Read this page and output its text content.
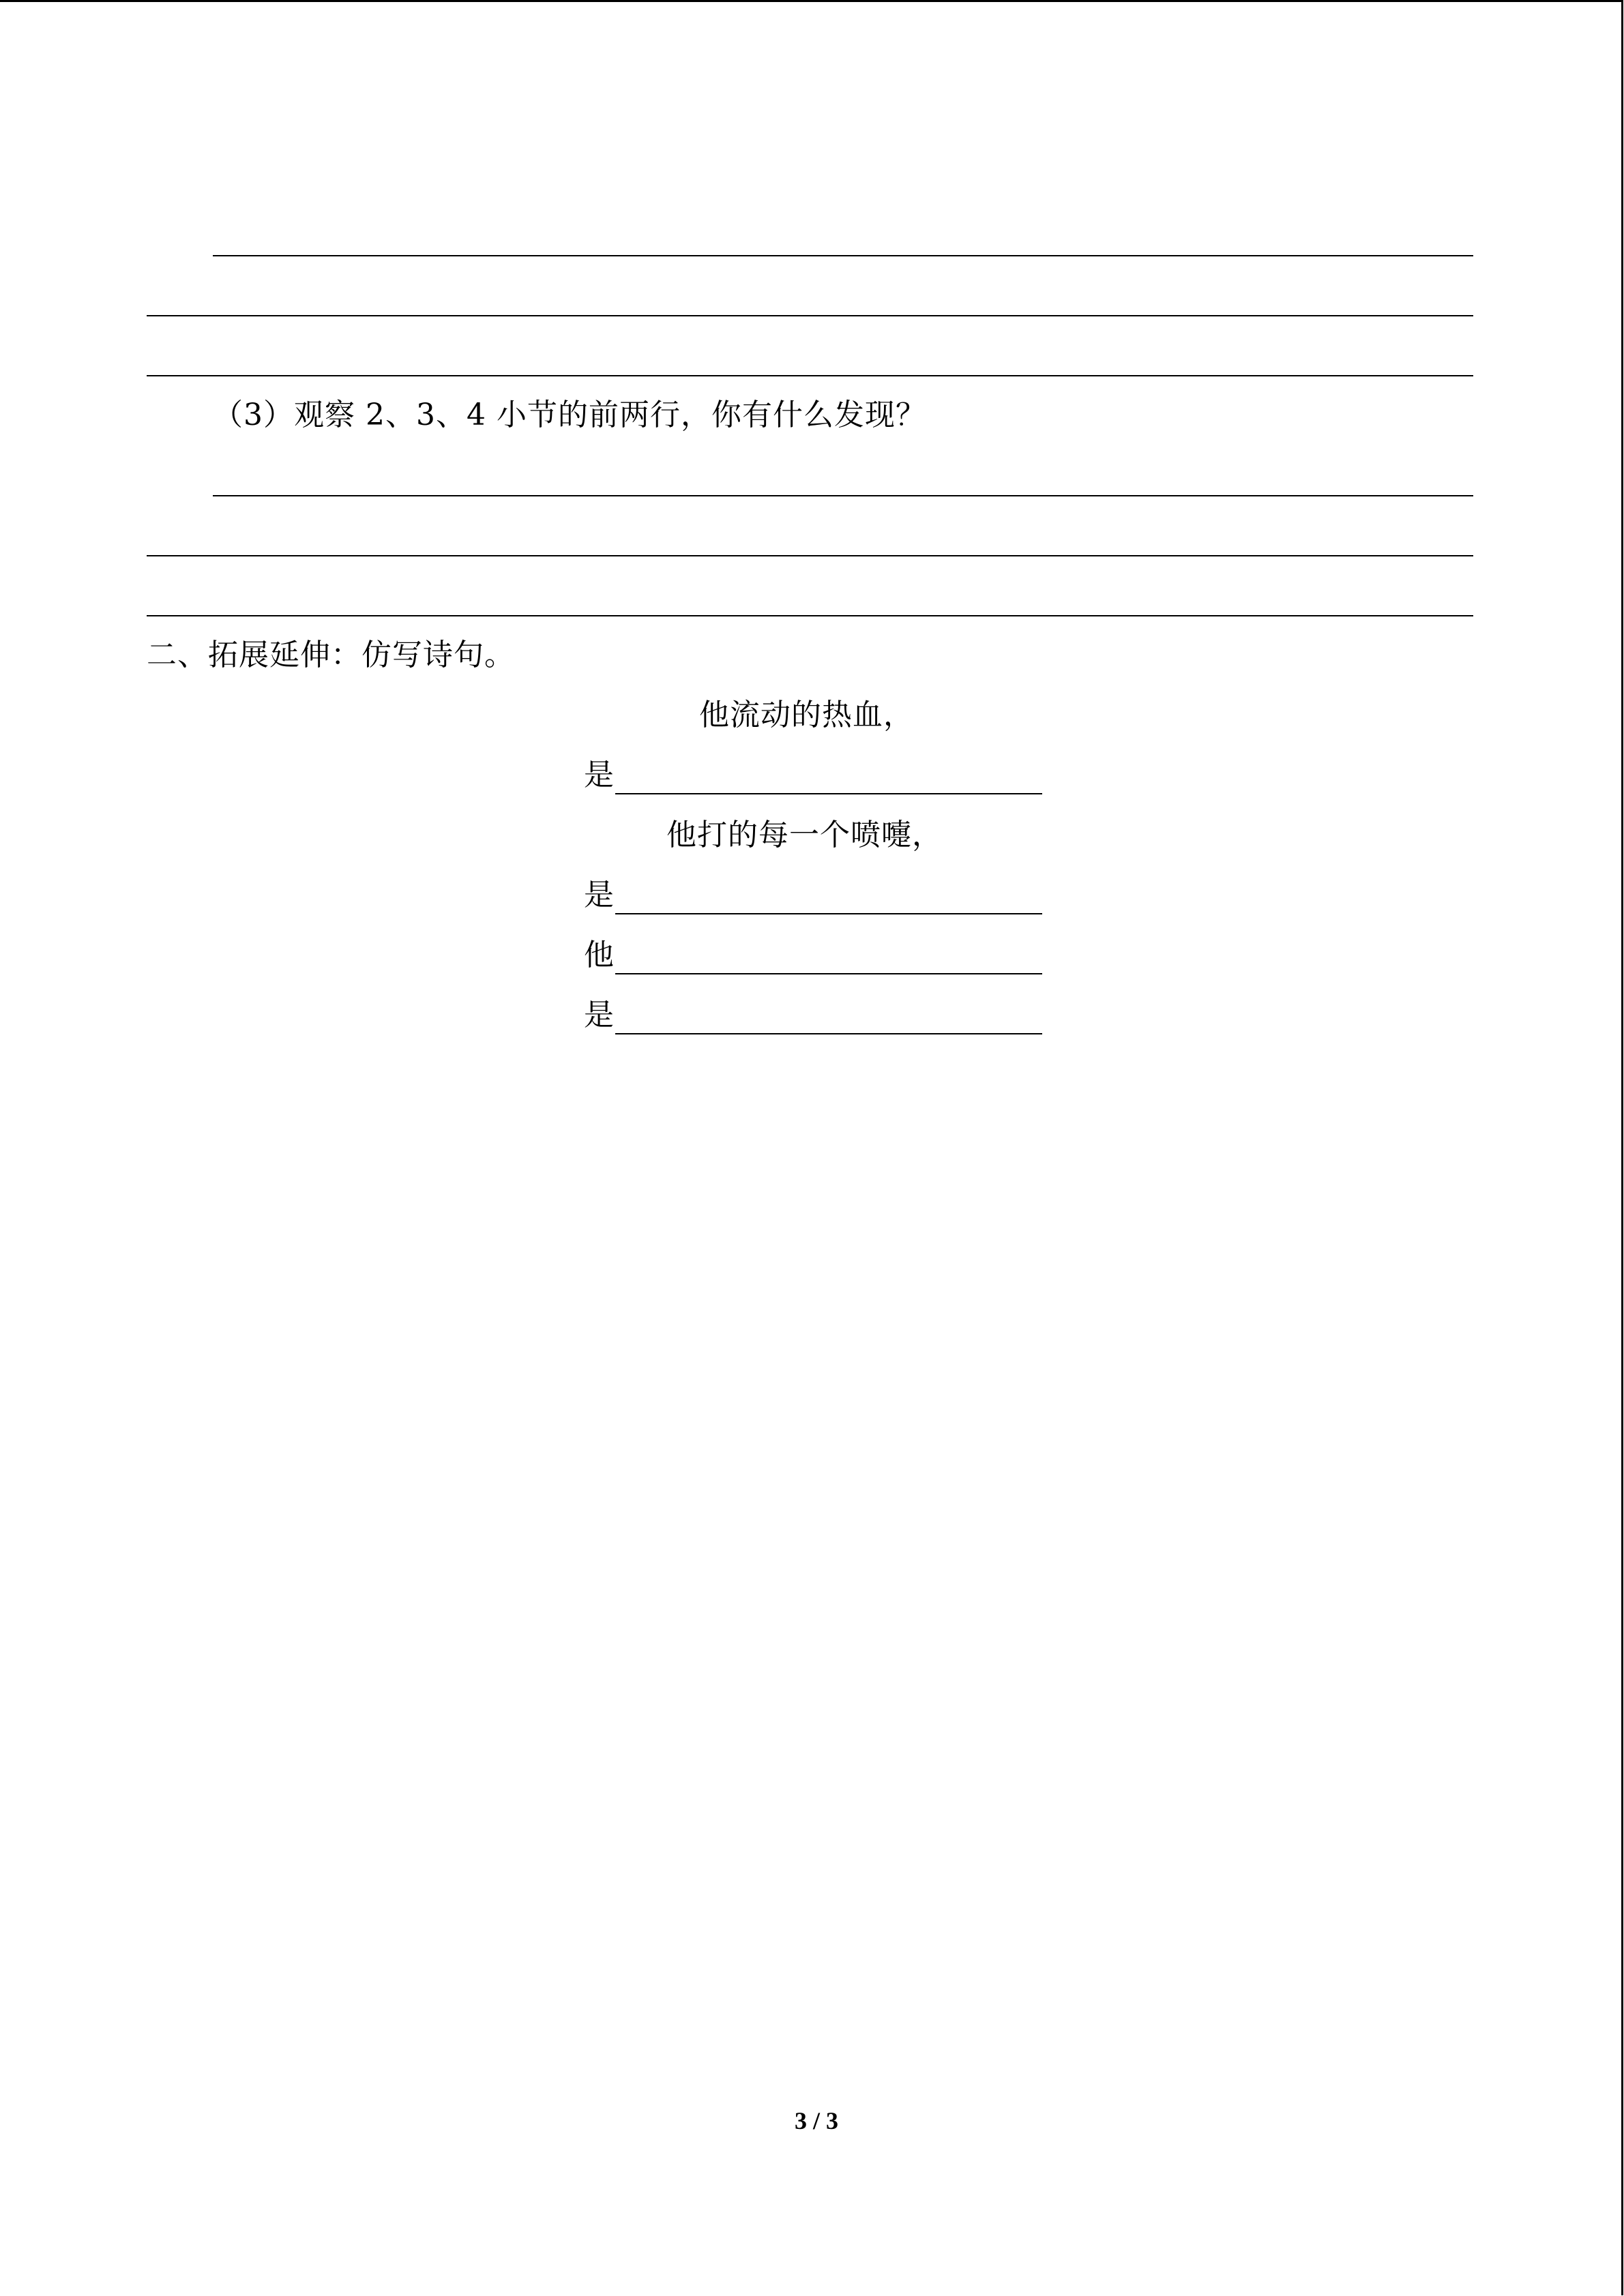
（3）观察 2、3、4 小节的前两行，你有什么发现？
二、拓展延伸：仿写诗句。
他流动的热血，
是
他打的每一个喷嚏，
是
他
是
3 / 3
